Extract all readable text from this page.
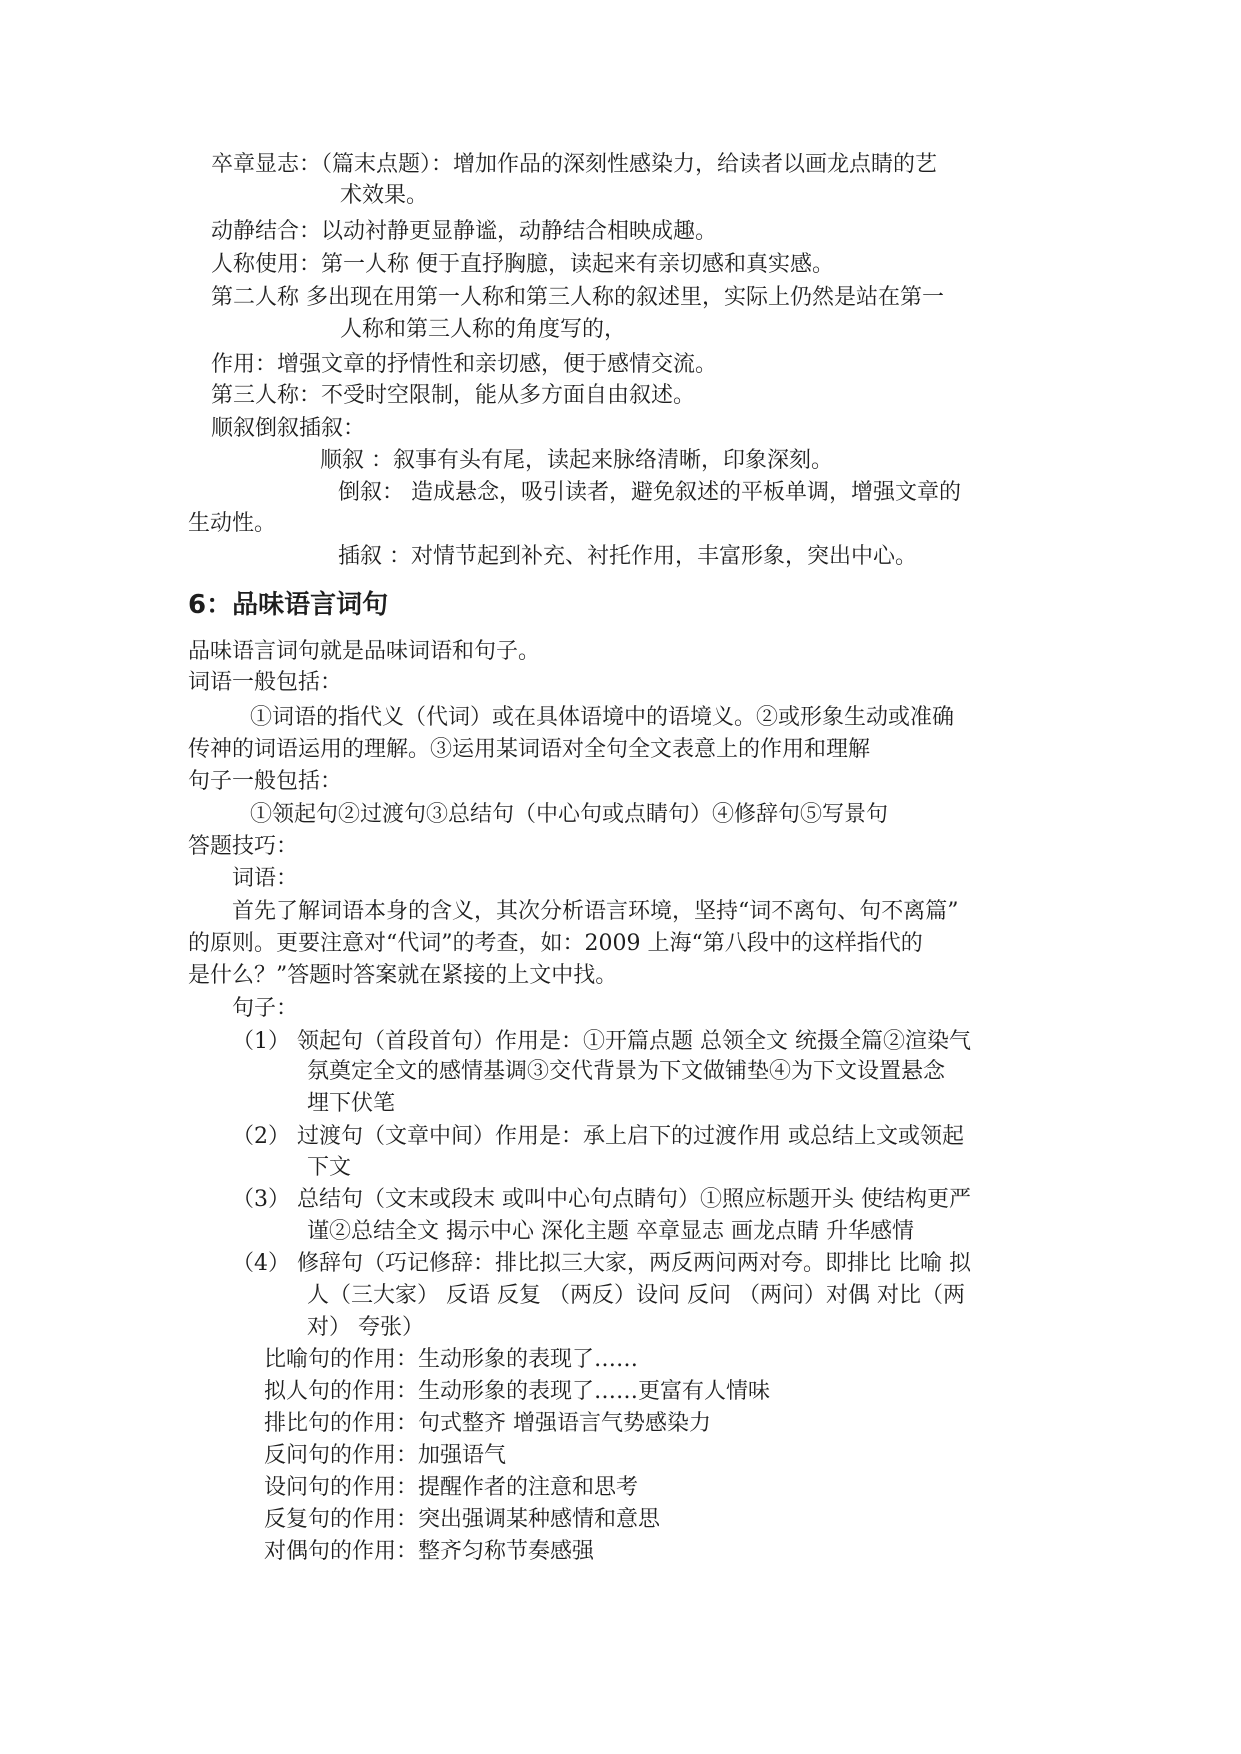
卒章显志：（篇末点题）：增加作品的深刻性感染力，给读者以画龙点睛的艺

术效果。

动静结合：以动衬静更显静谧，动静结合相映成趣。

人称使用：第一人称 便于直抒胸臆，读起来有亲切感和真实感。

第二人称 多出现在用第一人称和第三人称的叙述里，实际上仍然是站在第一

人称和第三人称的角度写的，

作用：增强文章的抒情性和亲切感，便于感情交流。

第三人称：不受时空限制，能从多方面自由叙述。

顺叙倒叙插叙：

顺叙 ：叙事有头有尾，读起来脉络清晰，印象深刻。

倒叙： 造成悬念，吸引读者，避免叙述的平板单调，增强文章的

生动性。

插叙 ：对情节起到补充、衬托作用，丰富形象，突出中心。

6：品味语言词句

品味语言词句就是品味词语和句子。

词语一般包括：

①词语的指代义（代词）或在具体语境中的语境义。②或形象生动或准确

传神的词语运用的理解。③运用某词语对全句全文表意上的作用和理解

句子一般包括：

①领起句②过渡句③总结句（中心句或点睛句）④修辞句⑤写景句

答题技巧：

词语：

首先了解词语本身的含义，其次分析语言环境，坚持“词不离句、句不离篇”

的原则。更要注意对“代词”的考查，如：2009 上海“第八段中的这样指代的

是什么？”答题时答案就在紧接的上文中找。

句子：

（1） 领起句（首段首句）作用是：①开篇点题 总领全文 统摄全篇②渲染气

氛奠定全文的感情基调③交代背景为下文做铺垫④为下文设置悬念

埋下伏笔

（2） 过渡句（文章中间）作用是：承上启下的过渡作用 或总结上文或领起

下文

（3） 总结句（文末或段末 或叫中心句点睛句）①照应标题开头 使结构更严

谨②总结全文 揭示中心 深化主题 卒章显志 画龙点睛 升华感情

（4） 修辞句（巧记修辞：排比拟三大家，两反两问两对夸。即排比 比喻 拟

人（三大家） 反语 反复 （两反）设问 反问 （两问）对偶 对比（两

对） 夸张）

比喻句的作用：生动形象的表现了……

拟人句的作用：生动形象的表现了……更富有人情味

排比句的作用：句式整齐 增强语言气势感染力

反问句的作用：加强语气

设问句的作用：提醒作者的注意和思考

反复句的作用：突出强调某种感情和意思

对偶句的作用：整齐匀称节奏感强
